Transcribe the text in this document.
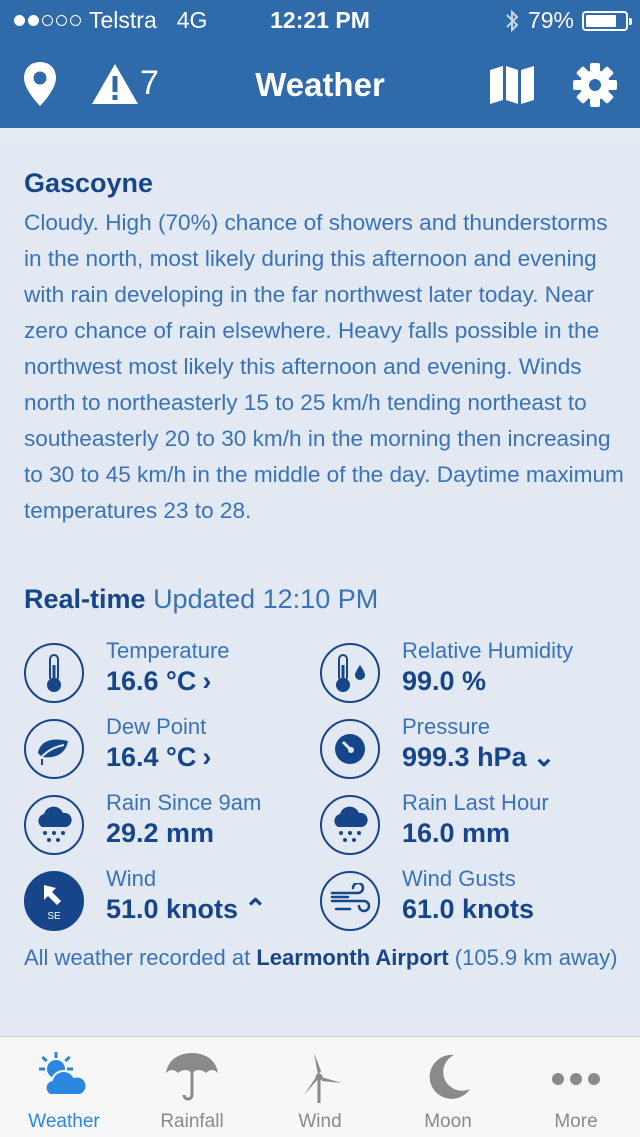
Telstra 4G	12:21 PM	79%
7	Weather
Gascoyne
Cloudy. High (70%) chance of showers and thunderstorms in the north, most likely during this afternoon and evening with rain developing in the far northwest later today. Near zero chance of rain elsewhere. Heavy falls possible in the northwest most likely this afternoon and evening. Winds north to northeasterly 15 to 25 km/h tending northeast to southeasterly 20 to 30 km/h in the morning then increasing to 30 to 45 km/h in the middle of the day. Daytime maximum temperatures 23 to 28.
Real-time Updated 12:10 PM
Temperature
16.6 °C ›
Relative Humidity
99.0 %
Dew Point
16.4 °C ›
Pressure
999.3 hPa ⌄
Rain Since 9am
29.2 mm
Rain Last Hour
16.0 mm
SE
Wind
51.0 knots ⌃
Wind Gusts
61.0 knots
All weather recorded at Learmonth Airport (105.9 km away)
Weather	Rainfall	Wind	Moon	More
